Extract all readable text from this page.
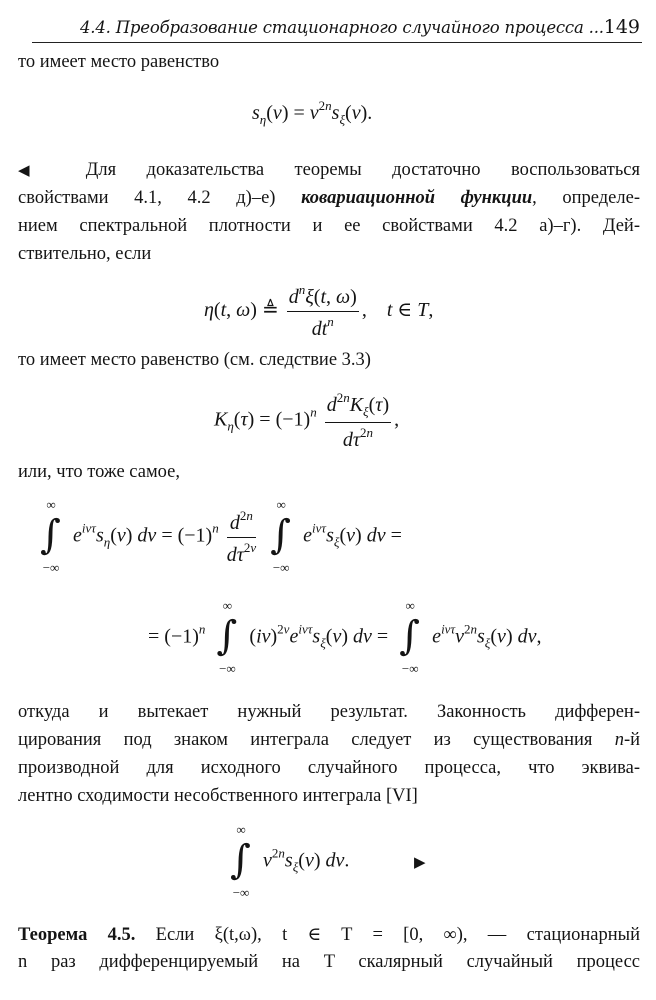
4.4. Преобразование стационарного случайного процесса ... 149
то имеет место равенство
$s_\eta(\nu) = \nu^{2n}s_\xi(\nu)$.
◀ Для доказательства теоремы достаточно воспользоваться
свойствами 4.1, 4.2 д)–е) ковариационной функции, определе-
нием спектральной плотности и ее свойствами 4.2 а)–г). Дей-
ствительно, если
η(t, ω) ≜ $\frac{d^n\xi(t, \omega)}{dt^n}$ ,    t ∈ T,
то имеет место равенство (см. следствие 3.3)
$K_\eta(\tau) = (-1)^n \frac{d^{2n}K_\xi(\tau)}{d\tau^{2n}}$ ,
или, что тоже самое,
∞
∫
−∞
$e^{i\nu\tau}s_\eta(\nu) d\nu = (-1)^n \frac{d^{2n}}{d\tau^{2\nu}}$

∞
∫
−∞
$e^{i\nu\tau}s_\xi(\nu) d\nu$ =
= $(-1)^n$
∞
∫
−∞
$(i\nu)^{2\nu}e^{i\nu\tau}s_\xi(\nu) d\nu$ =
∞
∫
−∞
$e^{i\nu\tau}\nu^{2n}s_\xi(\nu)$ dν,
откуда и вытекает нужный результат. Законность дифферен-
цирования под знаком интеграла следует из существования n-й
производной для исходного случайного процесса, что эквива-
лентно сходимости несобственного интеграла [VI]
∞
∫
−∞
$\nu^{2n}s_\xi(\nu)$ dν.	▶
Теорема 4.5. Если ξ(t,ω), t ∈ T = [0, ∞), — стационарный
n раз дифференцируемый на T скалярный случайный процесс
